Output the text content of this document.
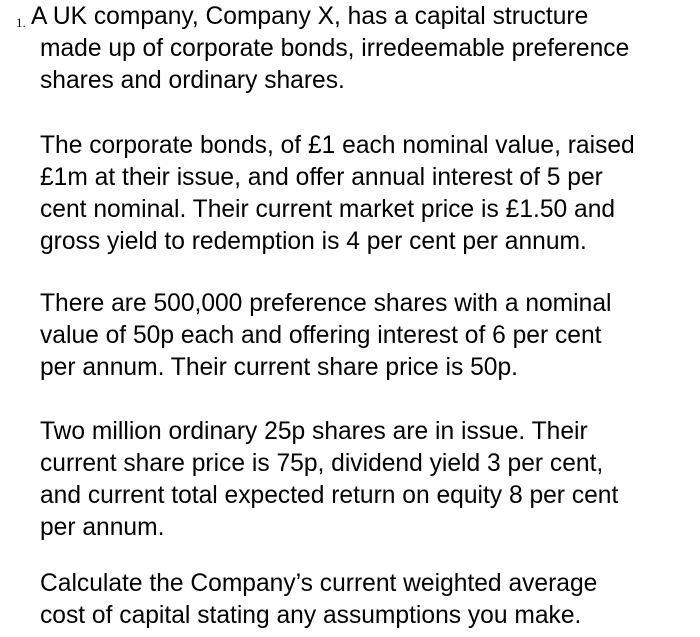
1. A UK company, Company X, has a capital structure
made up of corporate bonds, irredeemable preference
shares and ordinary shares.

The corporate bonds, of £1 each nominal value, raised
£1m at their issue, and offer annual interest of 5 per
cent nominal. Their current market price is £1.50 and
gross yield to redemption is 4 per cent per annum.

There are 500,000 preference shares with a nominal
value of 50p each and offering interest of 6 per cent
per annum. Their current share price is 50p.

Two million ordinary 25p shares are in issue. Their
current share price is 75p, dividend yield 3 per cent,
and current total expected return on equity 8 per cent
per annum.

Calculate the Company’s current weighted average
cost of capital stating any assumptions you make.
